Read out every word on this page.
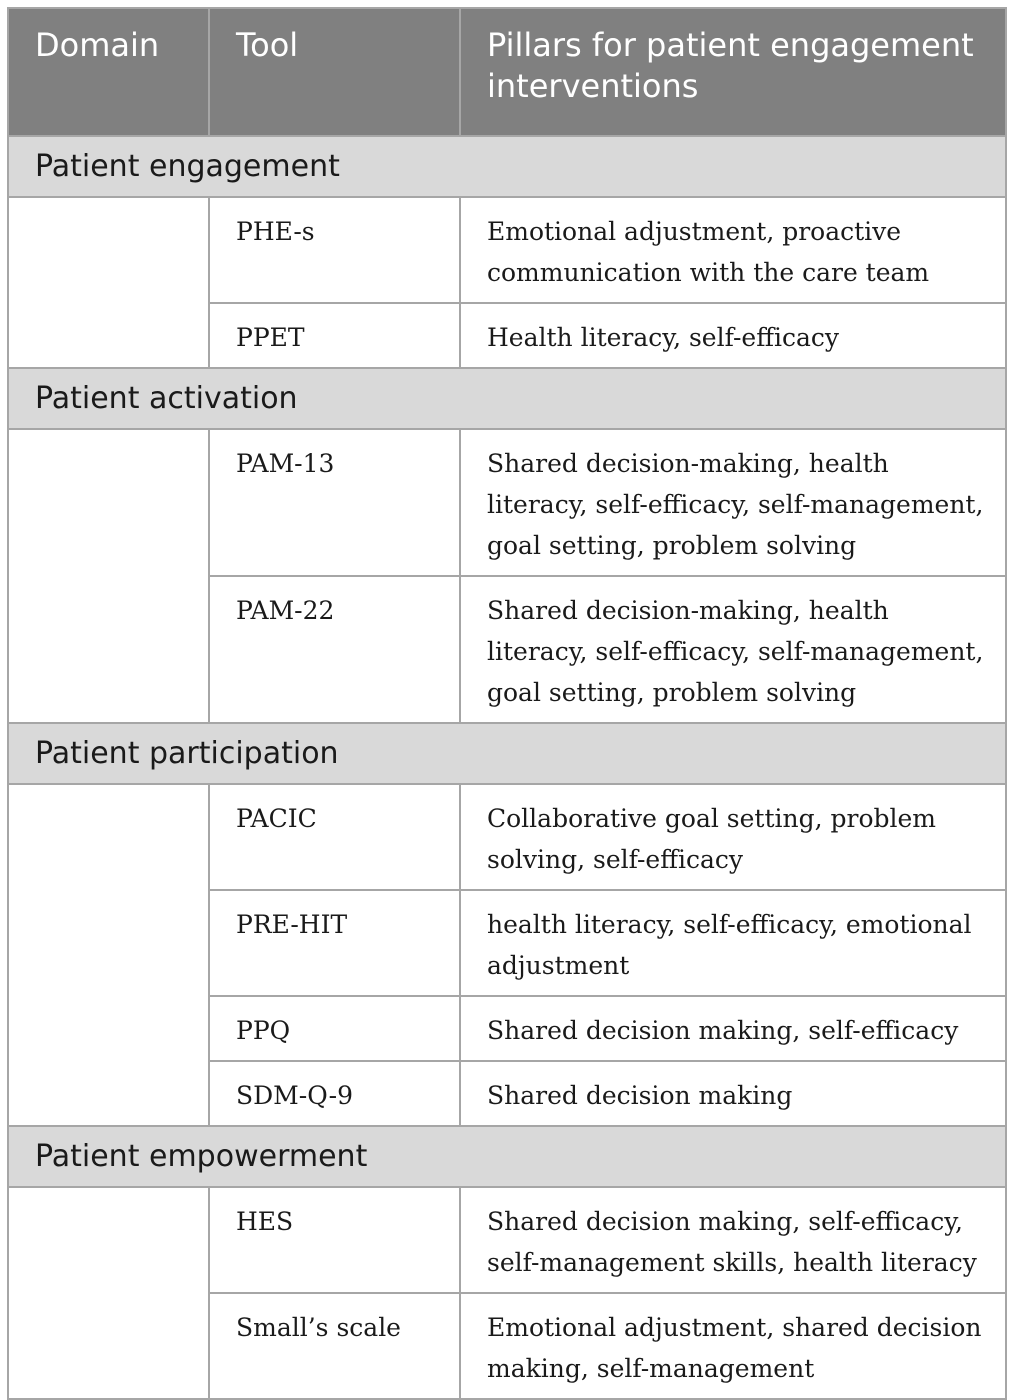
Domain	Tool	Pillars for patient engagement interventions
Patient engagement		
	PHE-s	Emotional adjustment, proactive communication with the care team
	PPET	Health literacy, self-efficacy
Patient activation		
	PAM-13	Shared decision-making, health literacy, self-efficacy, self-management, goal setting, problem solving
	PAM-22	Shared decision-making, health literacy, self-efficacy, self-management, goal setting, problem solving
Patient participation		
	PACIC	Collaborative goal setting, problem solving, self-efficacy
	PRE-HIT	health literacy, self-efficacy, emotional adjustment
	PPQ	Shared decision making, self-efficacy
	SDM-Q-9	Shared decision making
Patient empowerment		
	HES	Shared decision making, self-efficacy, self-management skills, health literacy
	Small’s scale	Emotional adjustment, shared decision making, self-management
